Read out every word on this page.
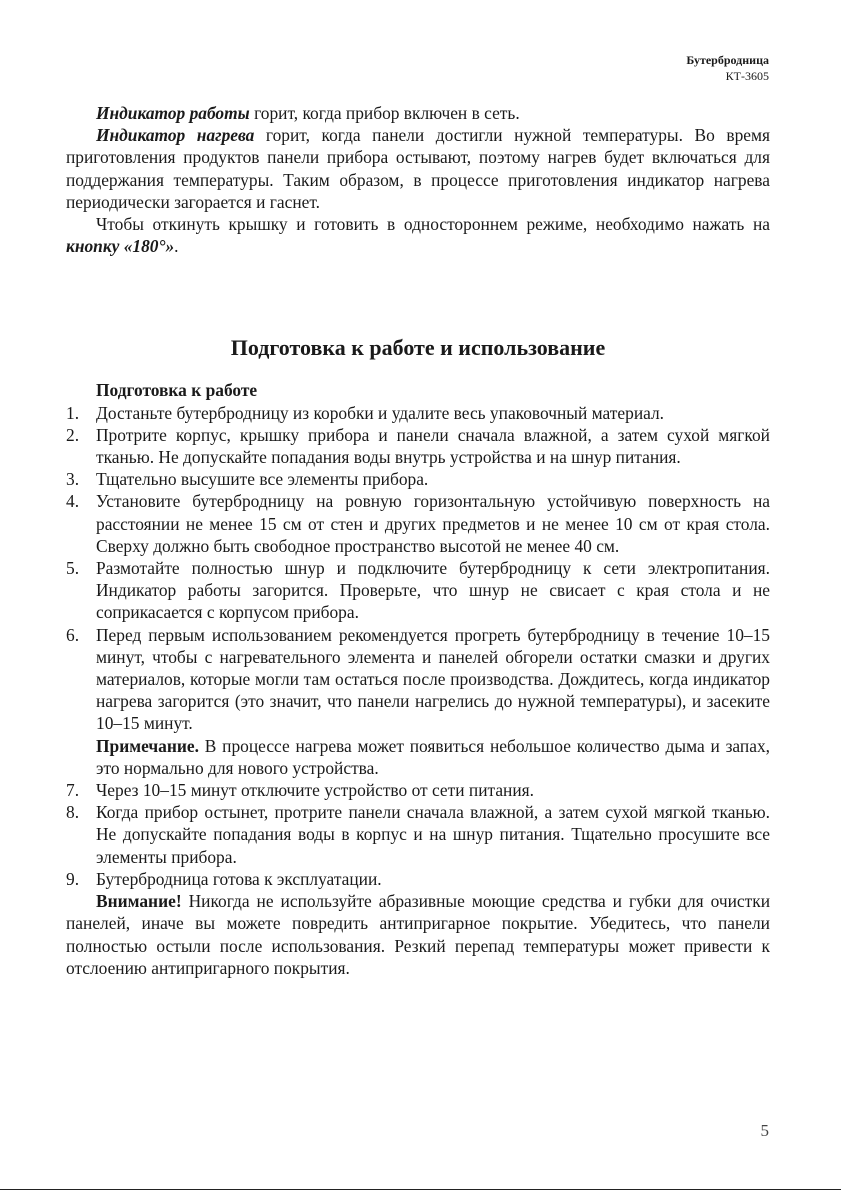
Бутербродница
КТ-3605

Индикатор работы горит, когда прибор включен в сеть.

Индикатор нагрева горит, когда панели достигли нужной температуры. Во время приготовления продуктов панели прибора остывают, поэтому нагрев будет включаться для поддержания температуры. Таким образом, в процессе приготовления индикатор нагрева периодически загорается и гаснет.

Чтобы откинуть крышку и готовить в одностороннем режиме, необходимо нажать на кнопку «180°».

Подготовка к работе и использование
Подготовка к работе
1. Достаньте бутербродницу из коробки и удалите весь упаковочный материал.
2. Протрите корпус, крышку прибора и панели сначала влажной, а затем сухой мягкой тканью. Не допускайте попадания воды внутрь устройства и на шнур питания.
3. Тщательно высушите все элементы прибора.
4. Установите бутербродницу на ровную горизонтальную устойчивую поверхность на расстоянии не менее 15 см от стен и других предметов и не менее 10 см от края стола. Сверху должно быть свободное пространство высотой не менее 40 см.
5. Размотайте полностью шнур и подключите бутербродницу к сети электропитания. Индикатор работы загорится. Проверьте, что шнур не свисает с края стола и не соприкасается с корпусом прибора.
6. Перед первым использованием рекомендуется прогреть бутербродницу в течение 10–15 минут, чтобы с нагревательного элемента и панелей обгорели остатки смазки и других материалов, которые могли там остаться после производства. Дождитесь, когда индикатор нагрева загорится (это значит, что панели нагрелись до нужной температуры), и засеките 10–15 минут.

Примечание. В процессе нагрева может появиться небольшое количество дыма и запах, это нормально для нового устройства.

7. Через 10–15 минут отключите устройство от сети питания.
8. Когда прибор остынет, протрите панели сначала влажной, а затем сухой мягкой тканью. Не допускайте попадания воды в корпус и на шнур питания. Тщательно просушите все элементы прибора.
9. Бутербродница готова к эксплуатации.

Внимание! Никогда не используйте абразивные моющие средства и губки для очистки панелей, иначе вы можете повредить антипригарное покрытие. Убедитесь, что панели полностью остыли после использования. Резкий перепад температуры может привести к отслоению антипригарного покрытия.

5
